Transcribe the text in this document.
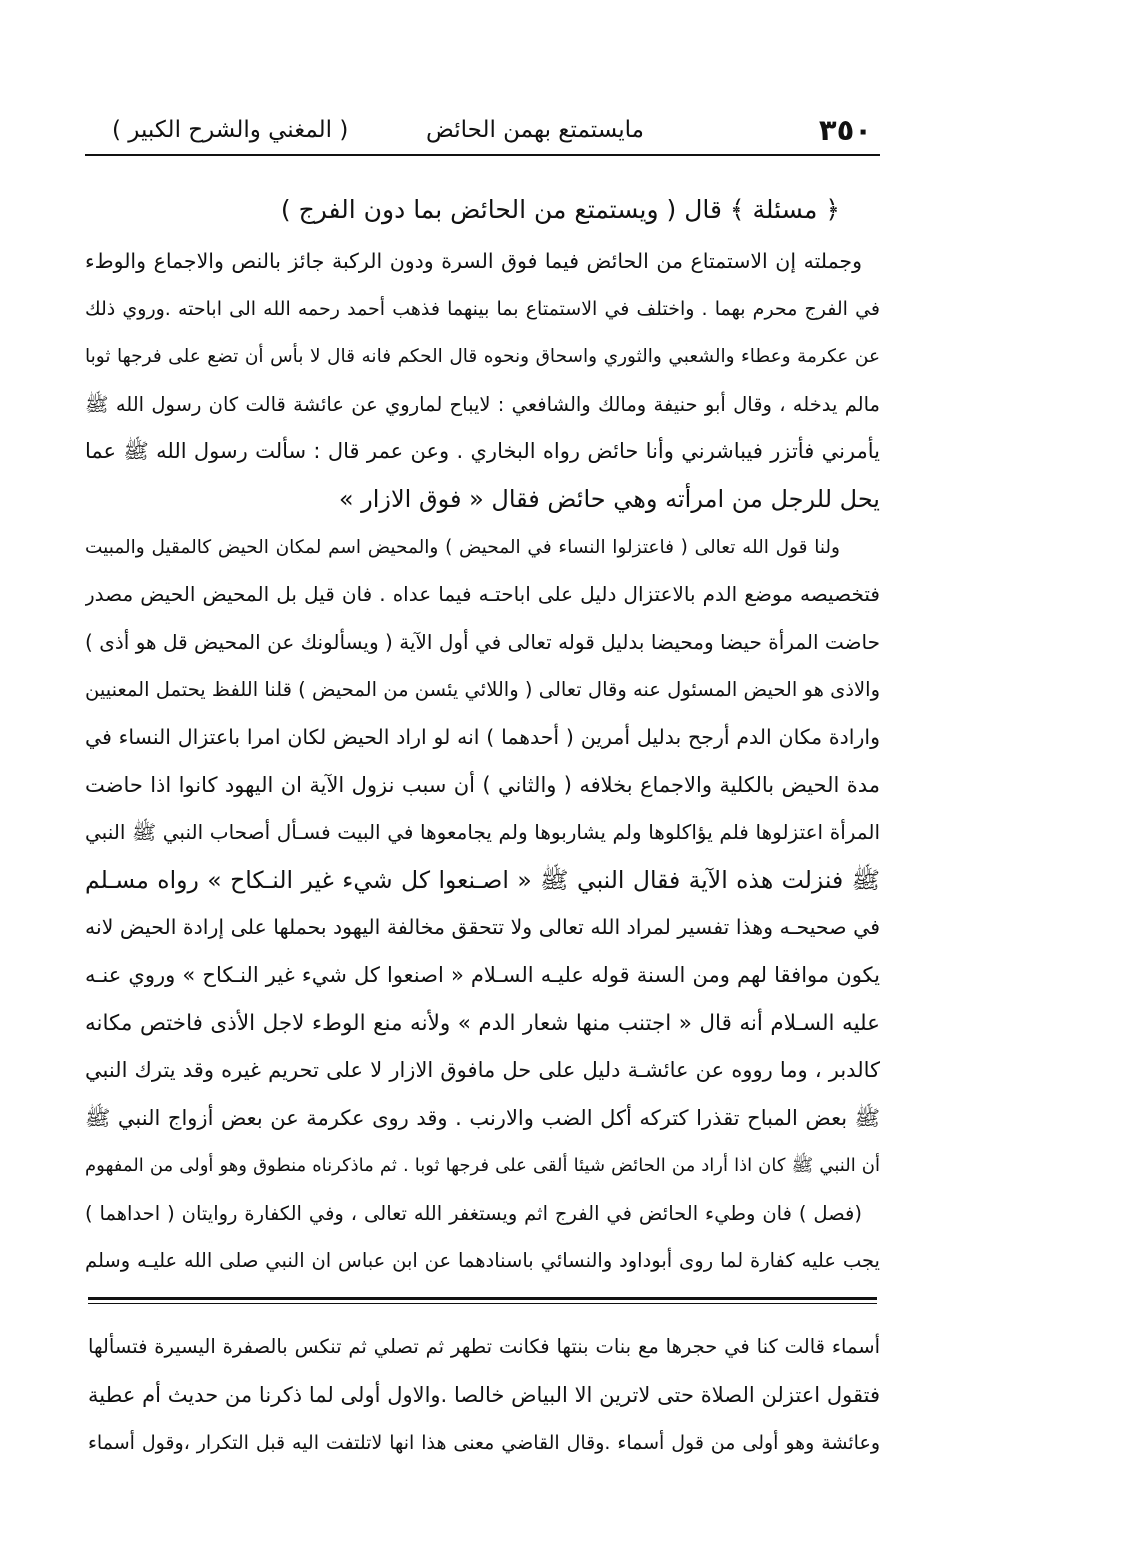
٣٥٠
مايستمتع بهمن الحائض
( المغني والشرح الكبير )
﴿ مسئلة ﴾ قال ( ويستمتع من الحائض بما دون الفرج )
وجملته إن الاستمتاع من الحائض فيما فوق السرة ودون الركبة جائز بالنص والاجماع والوطء
في الفرج محرم بهما . واختلف في الاستمتاع بما بينهما فذهب أحمد رحمه الله الى اباحته .وروي ذلك
عن عكرمة وعطاء والشعبي والثوري واسحاق ونحوه قال الحكم فانه قال لا بأس أن تضع على فرجها ثوبا
مالم يدخله ، وقال أبو حنيفة ومالك والشافعي : لايباح لماروي عن عائشة قالت كان رسول الله ﷺ
يأمرني فأتزر فيباشرني وأنا حائض رواه البخاري . وعن عمر قال : سألت رسول الله ﷺ عما
يحل للرجل من امرأته وهي حائض فقال « فوق الازار »
ولنا قول الله تعالى ( فاعتزلوا النساء في المحيض ) والمحيض اسم لمكان الحيض كالمقيل والمبيت
فتخصيصه موضع الدم بالاعتزال دليل على اباحتـه فيما عداه . فان قيل بل المحيض الحيض مصدر
حاضت المرأة حيضا ومحيضا بدليل قوله تعالى في أول الآية ( ويسألونك عن المحيض قل هو أذى )
والاذى هو الحيض المسئول عنه وقال تعالى ( واللائي يئسن من المحيض ) قلنا اللفظ يحتمل المعنيين
وارادة مكان الدم أرجح بدليل أمرين ( أحدهما ) انه لو اراد الحيض لكان امرا باعتزال النساء في
مدة الحيض بالكلية والاجماع بخلافه ( والثاني ) أن سبب نزول الآية ان اليهود كانوا اذا حاضت
المرأة اعتزلوها فلم يؤاكلوها ولم يشاربوها ولم يجامعوها في البيت فسـأل أصحاب النبي ﷺ النبي
ﷺ فنزلت هذه الآية فقال النبي ﷺ « اصـنعوا كل شيء غير النـكاح » رواه مسـلم
في صحيحـه وهذا تفسير لمراد الله تعالى ولا تتحقق مخالفة اليهود بحملها على إرادة الحيض لانه
يكون موافقا لهم ومن السنة قوله عليـه السـلام « اصنعوا كل شيء غير النـكاح » وروي عنـه
عليه السـلام أنه قال « اجتنب منها شعار الدم » ولأنه منع الوطء لاجل الأذى فاختص مكانه
كالدبر ، وما رووه عن عائشـة دليل على حل مافوق الازار لا على تحريم غيره وقد يترك النبي
ﷺ بعض المباح تقذرا كتركه أكل الضب والارنب . وقد روى عكرمة عن بعض أزواج النبي ﷺ
أن النبي ﷺ كان اذا أراد من الحائض شيئا ألقى على فرجها ثوبا . ثم ماذكرناه منطوق وهو أولى من المفهوم
(فصل ) فان وطيء الحائض في الفرج اثم ويستغفر الله تعالى ، وفي الكفارة روايتان ( احداهما )
يجب عليه كفارة لما روى أبوداود والنسائي باسنادهما عن ابن عباس ان النبي صلى الله عليـه وسلم
أسماء قالت كنا في حجرها مع بنات بنتها فكانت تطهر ثم تصلي ثم تنكس بالصفرة اليسيرة فتسألها
فتقول اعتزلن الصلاة حتى لاترين الا البياض خالصا .والاول أولى لما ذكرنا من حديث أم عطية
وعائشة وهو أولى من قول أسماء .وقال القاضي معنى هذا انها لاتلتفت اليه قبل التكرار ،وقول أسماء
